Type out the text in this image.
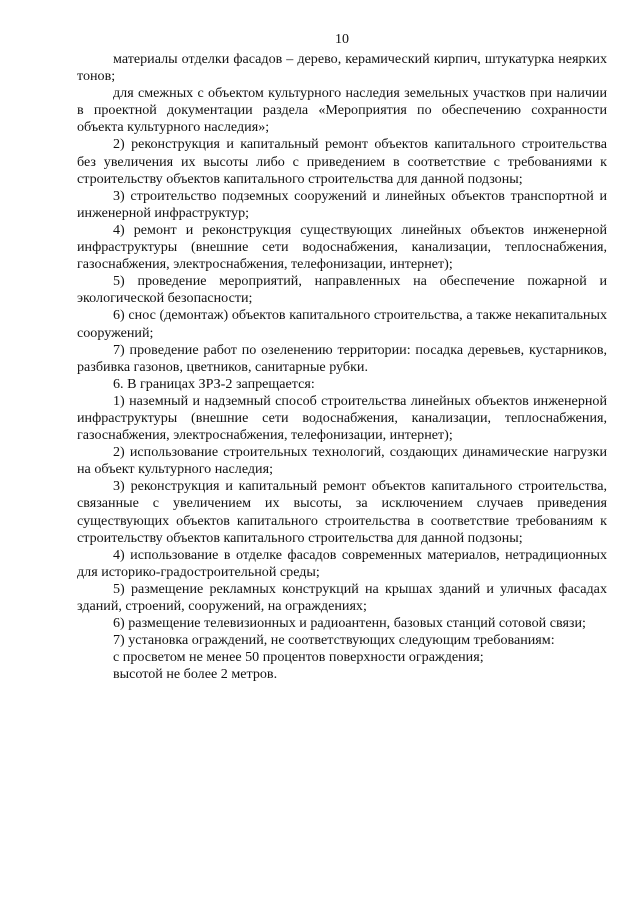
10

материалы отделки фасадов – дерево, керамический кирпич, штукатурка неярких тонов;

для смежных с объектом культурного наследия земельных участков при наличии в проектной документации раздела «Мероприятия по обеспечению сохранности объекта культурного наследия»;

2) реконструкция и капитальный ремонт объектов капитального строительства без увеличения их высоты либо с приведением в соответствие с требованиями к строительству объектов капитального строительства для данной подзоны;

3) строительство подземных сооружений и линейных объектов транспортной и инженерной инфраструктур;

4) ремонт и реконструкция существующих линейных объектов инженерной инфраструктуры (внешние сети водоснабжения, канализации, теплоснабжения, газоснабжения, электроснабжения, телефонизации, интернет);

5) проведение мероприятий, направленных на обеспечение пожарной и экологической безопасности;

6) снос (демонтаж) объектов капитального строительства, а также некапитальных сооружений;

7) проведение работ по озеленению территории: посадка деревьев, кустарников, разбивка газонов, цветников, санитарные рубки.

6. В границах ЗРЗ-2 запрещается:

1) наземный и надземный способ строительства линейных объектов инженерной инфраструктуры (внешние сети водоснабжения, канализации, теплоснабжения, газоснабжения, электроснабжения, телефонизации, интернет);

2) использование строительных технологий, создающих динамические нагрузки на объект культурного наследия;

3) реконструкция и капитальный ремонт объектов капитального строительства, связанные с увеличением их высоты, за исключением случаев приведения существующих объектов капитального строительства в соответствие требованиям к строительству объектов капитального строительства для данной подзоны;

4) использование в отделке фасадов современных материалов, нетрадиционных для историко-градостроительной среды;

5) размещение рекламных конструкций на крышах зданий и уличных фасадах зданий, строений, сооружений, на ограждениях;

6) размещение телевизионных и радиоантенн, базовых станций сотовой связи;

7) установка ограждений, не соответствующих следующим требованиям:

с просветом не менее 50 процентов поверхности ограждения;

высотой не более 2 метров.
